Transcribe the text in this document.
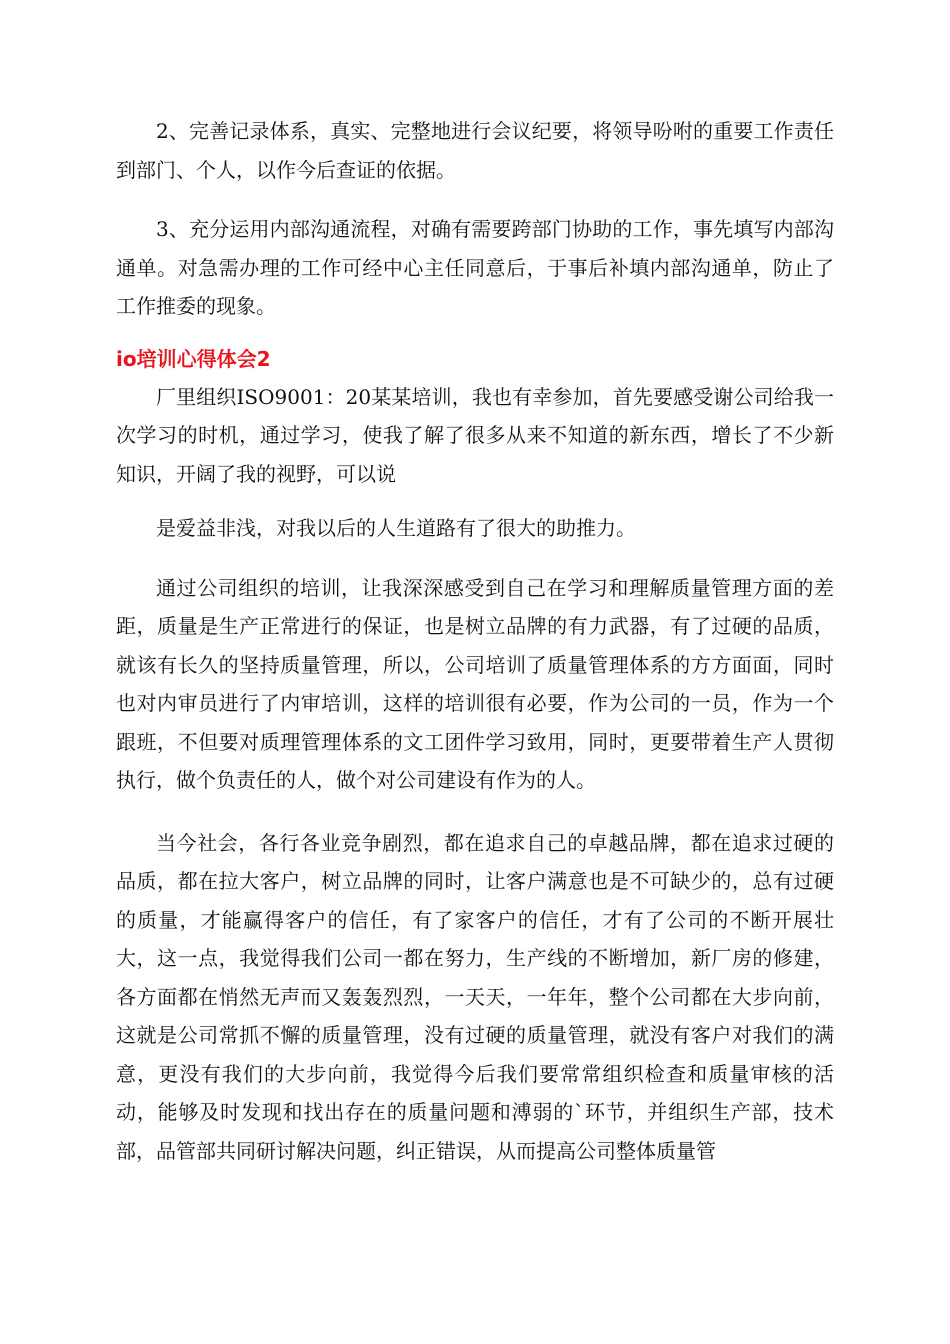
2、完善记录体系，真实、完整地进行会议纪要，将领导吩咐的重要工作责任到部门、个人，以作今后查证的依据。

3、充分运用内部沟通流程，对确有需要跨部门协助的工作，事先填写内部沟通单。对急需办理的工作可经中心主任同意后，于事后补填内部沟通单，防止了工作推委的现象。

io培训心得体会2

厂里组织ISO9001：20某某培训，我也有幸参加，首先要感受谢公司给我一次学习的时机，通过学习，使我了解了很多从来不知道的新东西，增长了不少新知识，开阔了我的视野，可以说

是爱益非浅，对我以后的人生道路有了很大的助推力。

通过公司组织的培训，让我深深感受到自己在学习和理解质量管理方面的差距，质量是生产正常进行的保证，也是树立品牌的有力武器，有了过硬的品质，就该有长久的坚持质量管理，所以，公司培训了质量管理体系的方方面面，同时也对内审员进行了内审培训，这样的培训很有必要，作为公司的一员，作为一个跟班，不但要对质理管理体系的文工团件学习致用，同时，更要带着生产人贯彻执行，做个负责任的人，做个对公司建设有作为的人。

当今社会，各行各业竞争剧烈，都在追求自己的卓越品牌，都在追求过硬的品质，都在拉大客户，树立品牌的同时，让客户满意也是不可缺少的，总有过硬的质量，才能赢得客户的信任，有了家客户的信任，才有了公司的不断开展壮大，这一点，我觉得我们公司一都在努力，生产线的不断增加，新厂房的修建，各方面都在悄然无声而又轰轰烈烈，一天天，一年年，整个公司都在大步向前，这就是公司常抓不懈的质量管理，没有过硬的质量管理，就没有客户对我们的满意，更没有我们的大步向前，我觉得今后我们要常常组织检查和质量审核的活动，能够及时发现和找出存在的质量问题和溥弱的`环节，并组织生产部，技术部，品管部共同研讨解决问题，纠正错误，从而提高公司整体质量管
